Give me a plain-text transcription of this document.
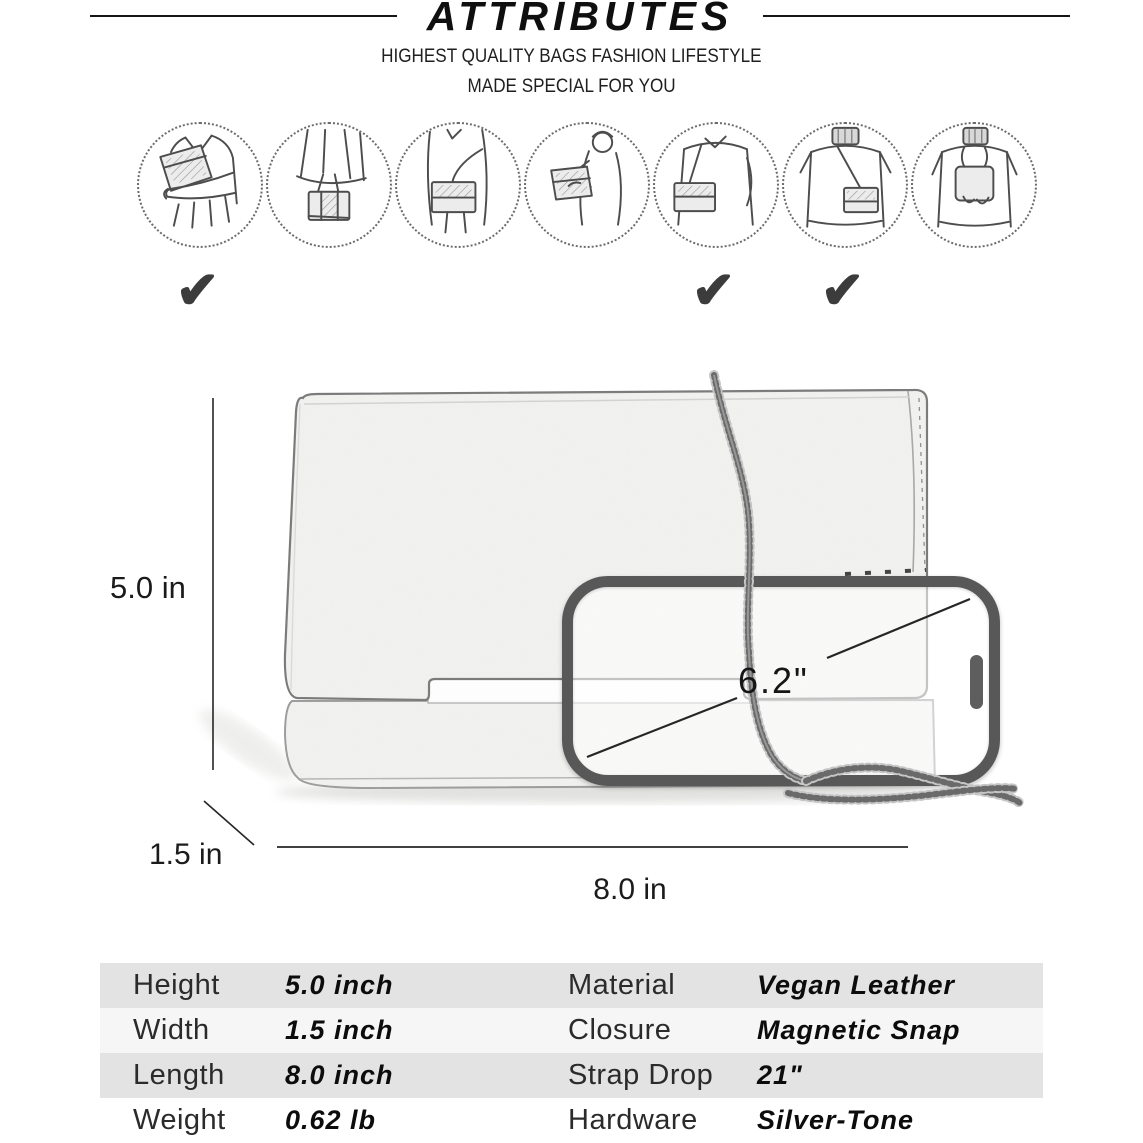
ATTRIBUTES
HIGHEST QUALITY BAGS FASHION LIFESTYLE
MADE SPECIAL FOR YOU
✔	✔	✔
5.0 in
1.5 in
8.0 in
6.2"
Height 5.0 inch	Material	Vegan Leather
Width	1.5 inch	Closure	Magnetic Snap
Length 8.0 inch	Strap Drop 21"
Weight 0.62 lb	Hardware Silver-Tone
